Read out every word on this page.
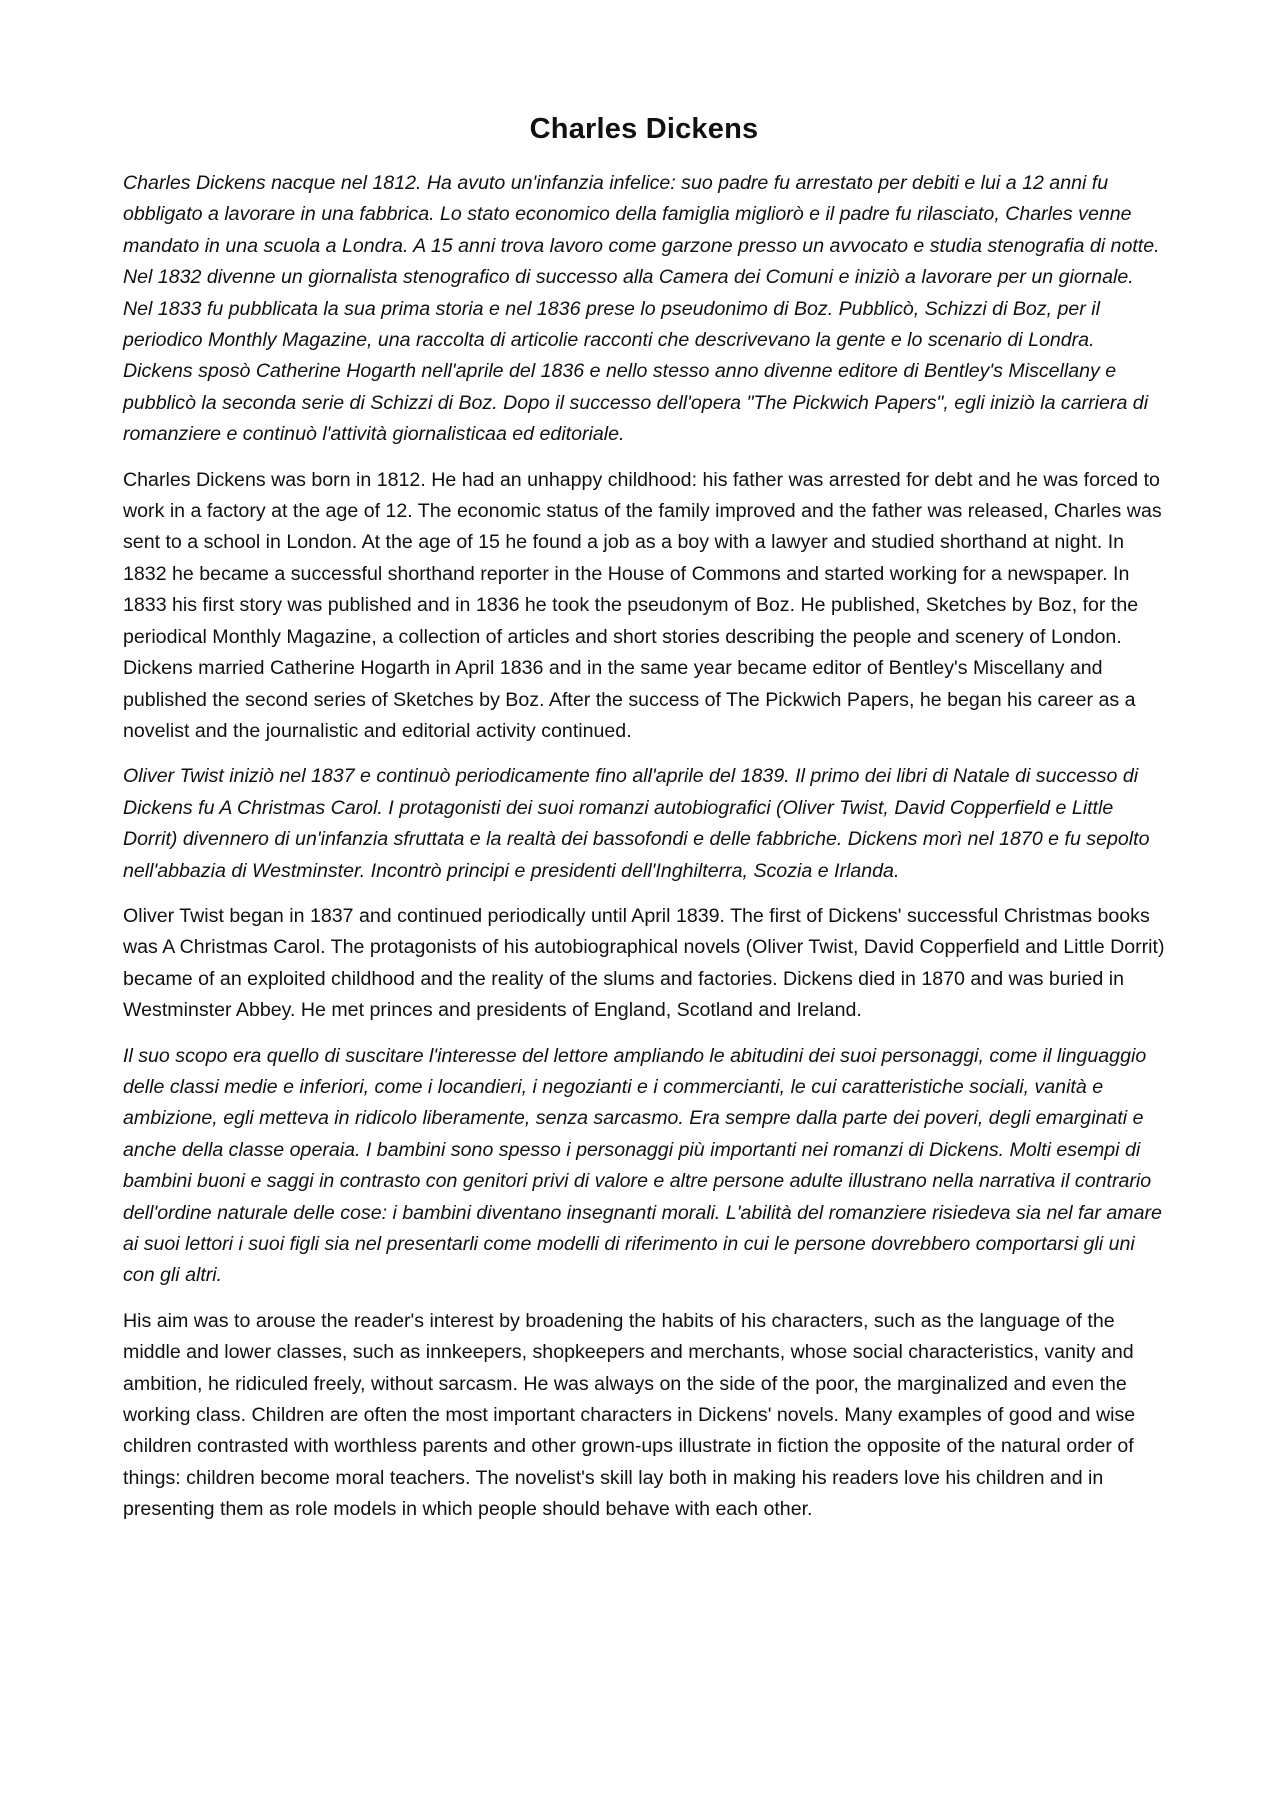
Charles Dickens

Charles Dickens nacque nel 1812. Ha avuto un'infanzia infelice: suo padre fu arrestato per debiti e lui a 12 anni fu obbligato a lavorare in una fabbrica. Lo stato economico della famiglia migliorò e il padre fu rilasciato, Charles venne mandato in una scuola a Londra. A 15 anni trova lavoro come garzone presso un avvocato e studia stenografia di notte. Nel 1832 divenne un giornalista stenografico di successo alla Camera dei Comuni e iniziò a lavorare per un giornale. Nel 1833 fu pubblicata la sua prima storia e nel 1836 prese lo pseudonimo di Boz. Pubblicò, Schizzi di Boz, per il periodico Monthly Magazine, una raccolta di articolie racconti che descrivevano la gente e lo scenario di Londra. Dickens sposò Catherine Hogarth nell'aprile del 1836 e nello stesso anno divenne editore di Bentley's Miscellany e pubblicò la seconda serie di Schizzi di Boz. Dopo il successo dell'opera "The Pickwich Papers", egli iniziò la carriera di romanziere e continuò l'attività giornalisticaa ed editoriale.

Charles Dickens was born in 1812. He had an unhappy childhood: his father was arrested for debt and he was forced to work in a factory at the age of 12. The economic status of the family improved and the father was released, Charles was sent to a school in London. At the age of 15 he found a job as a boy with a lawyer and studied shorthand at night. In 1832 he became a successful shorthand reporter in the House of Commons and started working for a newspaper. In 1833 his first story was published and in 1836 he took the pseudonym of Boz. He published, Sketches by Boz, for the periodical Monthly Magazine, a collection of articles and short stories describing the people and scenery of London. Dickens married Catherine Hogarth in April 1836 and in the same year became editor of Bentley's Miscellany and published the second series of Sketches by Boz. After the success of The Pickwich Papers, he began his career as a novelist and the journalistic and editorial activity continued.

Oliver Twist iniziò nel 1837 e continuò periodicamente fino all'aprile del 1839. Il primo dei libri di Natale di successo di Dickens fu A Christmas Carol. I protagonisti dei suoi romanzi autobiografici (Oliver Twist, David Copperfield e Little Dorrit) divennero di un'infanzia sfruttata e la realtà dei bassofondi e delle fabbriche. Dickens morì nel 1870 e fu sepolto nell'abbazia di Westminster. Incontrò principi e presidenti dell'Inghilterra, Scozia e Irlanda.

Oliver Twist began in 1837 and continued periodically until April 1839. The first of Dickens' successful Christmas books was A Christmas Carol. The protagonists of his autobiographical novels (Oliver Twist, David Copperfield and Little Dorrit) became of an exploited childhood and the reality of the slums and factories. Dickens died in 1870 and was buried in Westminster Abbey. He met princes and presidents of England, Scotland and Ireland.

Il suo scopo era quello di suscitare l'interesse del lettore ampliando le abitudini dei suoi personaggi, come il linguaggio delle classi medie e inferiori, come i locandieri, i negozianti e i commercianti, le cui caratteristiche sociali, vanità e ambizione, egli metteva in ridicolo liberamente, senza sarcasmo. Era sempre dalla parte dei poveri, degli emarginati e anche della classe operaia. I bambini sono spesso i personaggi più importanti nei romanzi di Dickens. Molti esempi di bambini buoni e saggi in contrasto con genitori privi di valore e altre persone adulte illustrano nella narrativa il contrario dell'ordine naturale delle cose: i bambini diventano insegnanti morali. L'abilità del romanziere risiedeva sia nel far amare ai suoi lettori i suoi figli sia nel presentarli come modelli di riferimento in cui le persone dovrebbero comportarsi gli uni con gli altri.

His aim was to arouse the reader's interest by broadening the habits of his characters, such as the language of the middle and lower classes, such as innkeepers, shopkeepers and merchants, whose social characteristics, vanity and ambition, he ridiculed freely, without sarcasm. He was always on the side of the poor, the marginalized and even the working class. Children are often the most important characters in Dickens' novels. Many examples of good and wise children contrasted with worthless parents and other grown-ups illustrate in fiction the opposite of the natural order of things: children become moral teachers. The novelist's skill lay both in making his readers love his children and in presenting them as role models in which people should behave with each other.
